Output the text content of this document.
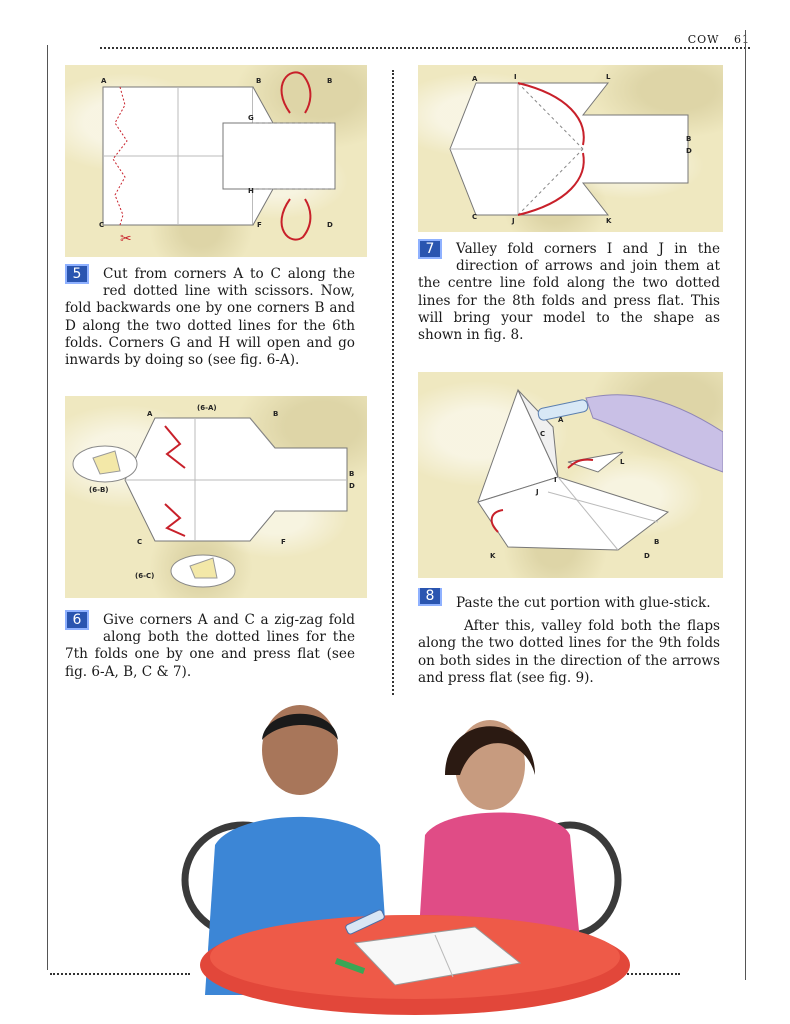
COW 61
✂
A	B	B
G
H
C	F	D
A	I	L
B
D
C	J	K
5	Cut from corners A to C along the red dotted line with scissors. Now, fold backwards one by one corners B and D along the two dotted lines for the 6th folds. Corners G and H will open and go inwards by doing so (see fig. 6-A).
7	Valley fold corners I and J in the direction of arrows and join them at the centre line fold along the two dotted lines for the 8th folds and press flat. This will bring your model to the shape as shown in fig. 8.
(6-A)
A	B
B
D
(6-B)
C	F
(6-C)
A
C
L
I
J
K
B
D
6	Give corners A and C a zig-zag fold along both the dotted lines for the 7th folds one by one and press flat (see fig. 6-A, B, C & 7).
8	Paste the cut portion with glue-stick.
After this, valley fold both the flaps along the two dotted lines for the 9th folds on both sides in the direction of the arrows and press flat (see fig. 9).
